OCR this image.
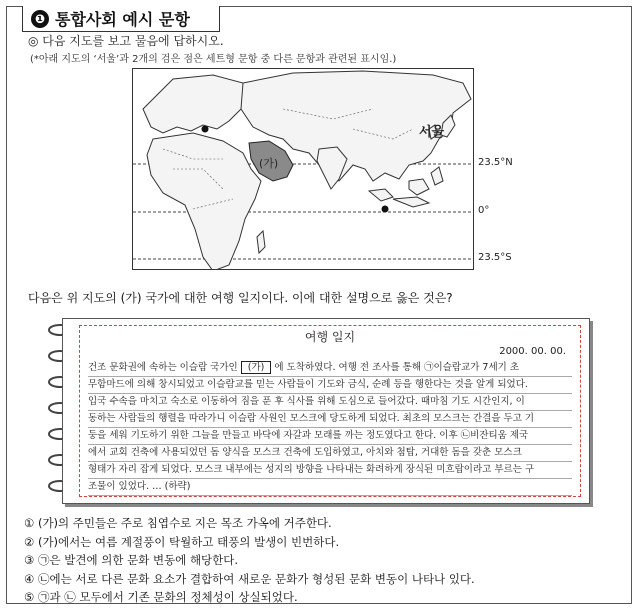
❶ 통합사회 예시 문항
◎ 다음 지도를 보고 물음에 답하시오.
(*아래 지도의 ‘서울’과 2개의 검은 점은 세트형 문항 중 다른 문항과 관련된 표시임.)
서울
(가)	23.5°N
0°
23.5°S
다음은 위 지도의 (가) 국가에 대한 여행 일지이다. 이에 대한 설명으로 옳은 것은?
여행 일지
2000. 00. 00.
건조 문화권에 속하는 이슬람 국가인 (가) 에 도착하였다. 여행 전 조사를 통해 ㉠이슬람교가 7세기 초
무함마드에 의해 창시되었고 이슬람교를 믿는 사람들이 기도와 금식, 순례 등을 행한다는 것을 알게 되었다.
입국 수속을 마치고 숙소로 이동하여 짐을 푼 후 식사를 위해 도심으로 들어갔다. 때마침 기도 시간인지, 이
동하는 사람들의 행렬을 따라가니 이슬람 사원인 모스크에 당도하게 되었다. 최초의 모스크는 간결을 두고 기
둥을 세워 기도하기 위한 그늘을 만들고 바닥에 자갈과 모래를 까는 정도였다고 한다. 이후 ㉡비잔티움 제국
에서 교회 건축에 사용되었던 돔 양식을 모스크 건축에 도입하였고, 아치와 첨탑, 거대한 돔을 갖춘 모스크
형태가 자리 잡게 되었다. 모스크 내부에는 성지의 방향을 나타내는 화려하게 장식된 미흐랍이라고 부르는 구
조물이 있었다. … (하략)
① (가)의 주민들은 주로 침엽수로 지은 목조 가옥에 거주한다.
② (가)에서는 여름 계절풍이 탁월하고 태풍의 발생이 빈번하다.
③ ㉠은 발견에 의한 문화 변동에 해당한다.
④ ㉡에는 서로 다른 문화 요소가 결합하여 새로운 문화가 형성된 문화 변동이 나타나 있다.
⑤ ㉠과 ㉡ 모두에서 기존 문화의 정체성이 상실되었다.
